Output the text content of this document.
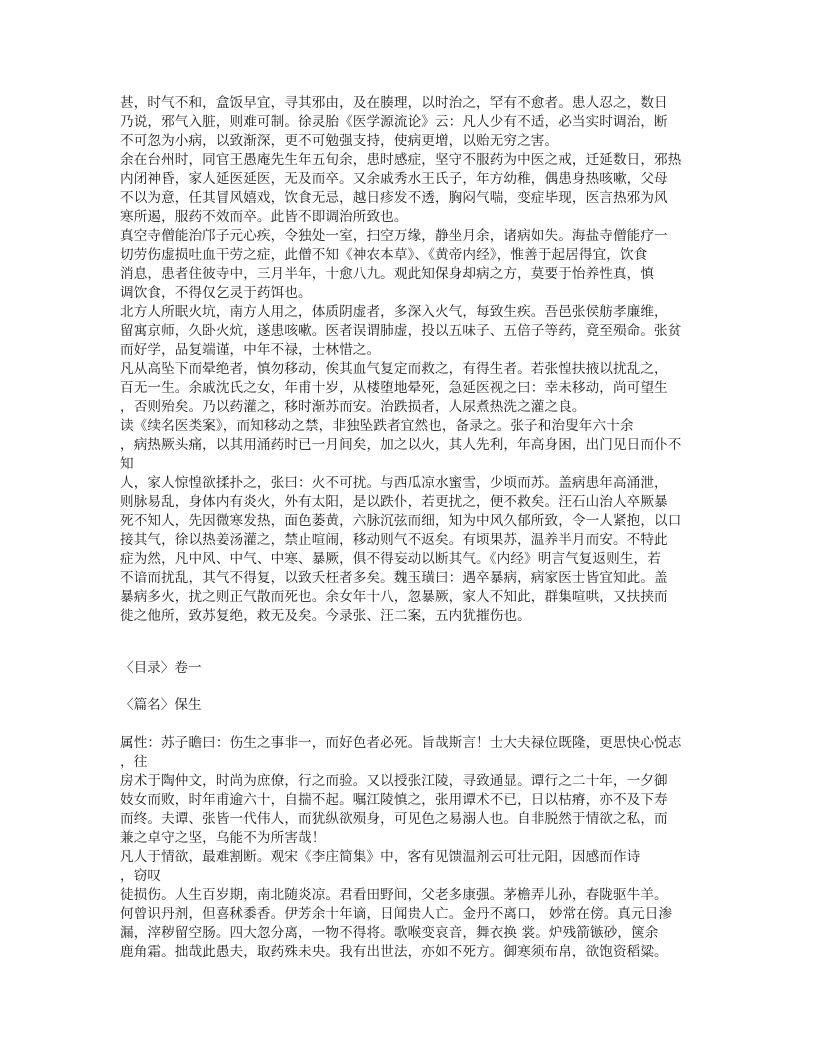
甚，时气不和，盒饭早宜，寻其邪由，及在腠理，以时治之，罕有不愈者。患人忍之，数日
乃说，邪气入脏，则难可制。徐灵胎《医学源流论》云：凡人少有不适，必当实时调治，断
不可忽为小病，以致渐深，更不可勉强支持，使病更增，以贻无穷之害。
余在台州时，同官王愚庵先生年五旬余，患时感症，坚守不服药为中医之戒，迁延数日，邪热
内闭神昏，家人延医延医，无及而卒。又余戚秀水王氏子，年方幼稚，偶患身热咳嗽，父母
不以为意，任其冒风嬉戏，饮食无忌，越日疹发不透，胸闷气喘，变症毕现，医言热邪为风
寒所遏，服药不效而卒。此皆不即调治所致也。
真空寺僧能治邝子元心疾，令独处一室，扫空万缘，静坐月余，诸病如失。海盐寺僧能疗一
切劳伤虚损吐血干劳之症，此僧不知《神农本草》、《黄帝内经》，惟善于起居得宜，饮食
消息，患者住彼寺中，三月半年，十愈八九。观此知保身却病之方，莫要于怡养性真，慎
调饮食，不得仅乞灵于药饵也。
北方人所眠火坑，南方人用之，体质阴虚者，多深入火气，每致生疾。吾邑张侯舫孝廉维，
留寓京师，久卧火炕，遂患咳嗽。医者误谓肺虚，投以五味子、五倍子等药，竟至殒命。张贫
而好学，品复端谨，中年不禄，士林惜之。
凡从高坠下而晕绝者，慎勿移动，俟其血气复定而救之，有得生者。若张惶扶掖以扰乱之，
百无一生。余戚沈氏之女，年甫十岁，从楼堕地晕死，急延医视之曰：幸未移动，尚可望生
，否则殆矣。乃以药灌之，移时渐苏而安。治跌损者，人尿煮热洗之灌之良。
读《续名医类案》，而知移动之禁，非独坠跌者宜然也，备录之。张子和治叟年六十余
，病热厥头痛，以其用涌药时已一月间矣，加之以火，其人先利，年高身困，出门见日而仆不
知
人，家人惊惶欲揉扑之，张曰：火不可扰。与西瓜凉水蜜雪，少顷而苏。盖病患年高涌泄，
则脉易乱，身体内有炎火，外有太阳，是以跌仆，若更扰之，便不救矣。汪石山治人卒厥暴
死不知人，先因微寒发热，面色萎黄，六脉沉弦而细，知为中风久郁所致，令一人紧抱，以口
接其气，徐以热姜汤灌之，禁止喧闹，移动则气不返矣。有顷果苏，温养半月而安。不特此
症为然，凡中风、中气、中寒、暴厥，俱不得妄动以断其气。《内经》明言气复返则生，若
不谙而扰乱，其气不得复，以致夭枉者多矣。魏玉璜曰：遇卒暴病，病家医士皆宜知此。盖
暴病多火，扰之则正气散而死也。余女年十八，忽暴厥，家人不知此，群集喧哄，又扶挟而
徙之他所，致苏复绝，救无及矣。今录张、汪二案，五内犹摧伤也。
〈目录〉卷一
〈篇名〉保生
属性：苏子瞻曰：伤生之事非一，而好色者必死。旨哉斯言！士大夫禄位既隆，更思快心悦志
，往
房术于陶仲文，时尚为庶僚，行之而验。又以授张江陵，寻致通显。谭行之二十年，一夕御
妓女而败，时年甫逾六十，自揣不起。嘱江陵慎之，张用谭术不已，日以枯瘠，亦不及下寿
而终。夫谭、张皆一代伟人，而犹纵欲殒身，可见色之易溺人也。自非脱然于情欲之私，而
兼之卓守之坚，乌能不为所害哉！
凡人于情欲，最难割断。观宋《李庄简集》中，客有见馈温剂云可壮元阳，因感而作诗
，窃叹
徒损伤。人生百岁期，南北随炎凉。君看田野间，父老多康强。茅檐弄儿孙，春陇驱牛羊。
何曾识丹剂，但喜秫黍香。伊芳余十年谪，日闻贵人亡。金丹不离口， 妙常在傍。真元日渗
漏，滓秽留空肠。四大忽分离，一物不得将。歌喉变哀音，舞衣换 裳。炉残箭镞砂，箧余
鹿角霜。拙哉此愚夫，取药殊未央。我有出世法，亦如不死方。御寒须布帛，欲饱资稻粱。
